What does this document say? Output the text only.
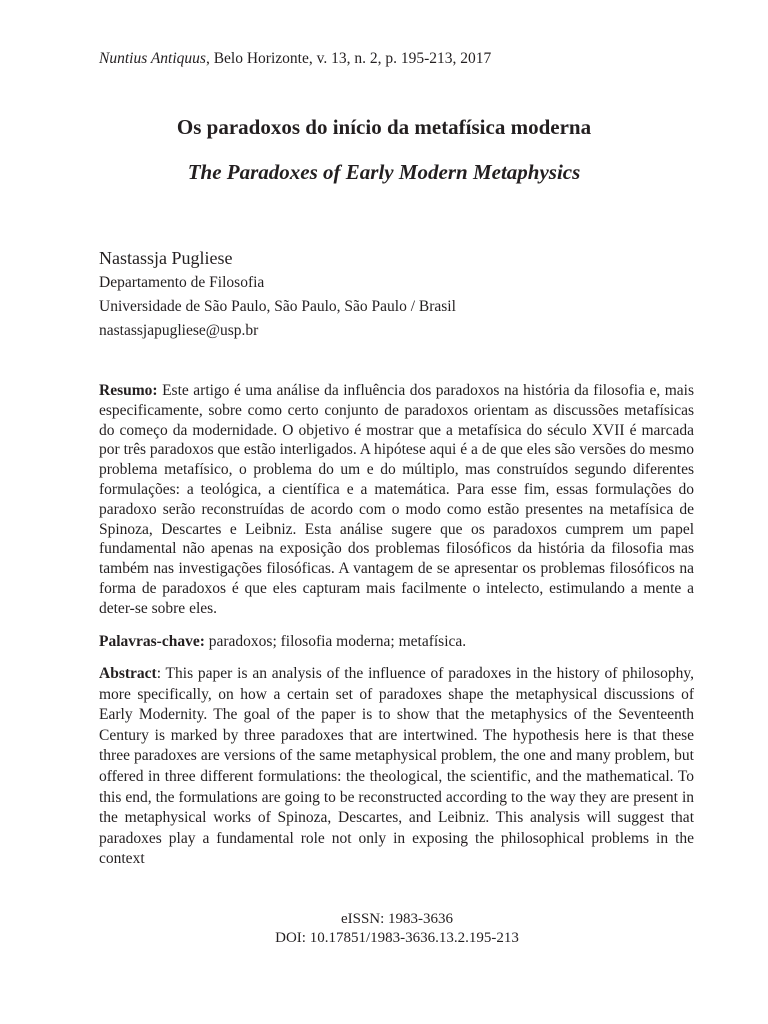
Nuntius Antiquus, Belo Horizonte, v. 13, n. 2, p. 195-213, 2017
Os paradoxos do início da metafísica moderna
The Paradoxes of Early Modern Metaphysics
Nastassja Pugliese
Departamento de Filosofia
Universidade de São Paulo, São Paulo, São Paulo / Brasil
nastassjapugliese@usp.br
Resumo: Este artigo é uma análise da influência dos paradoxos na história da filosofia e, mais especificamente, sobre como certo conjunto de paradoxos orientam as discussões metafísicas do começo da modernidade. O objetivo é mostrar que a metafísica do século XVII é marcada por três paradoxos que estão interligados. A hipótese aqui é a de que eles são versões do mesmo problema metafísico, o problema do um e do múltiplo, mas construídos segundo diferentes formulações: a teológica, a científica e a matemática. Para esse fim, essas formulações do paradoxo serão reconstruídas de acordo com o modo como estão presentes na metafísica de Spinoza, Descartes e Leibniz. Esta análise sugere que os paradoxos cumprem um papel fundamental não apenas na exposição dos problemas filosóficos da história da filosofia mas também nas investigações filosóficas. A vantagem de se apresentar os problemas filosóficos na forma de paradoxos é que eles capturam mais facilmente o intelecto, estimulando a mente a deter-se sobre eles.
Palavras-chave: paradoxos; filosofia moderna; metafísica.
Abstract: This paper is an analysis of the influence of paradoxes in the history of philosophy, more specifically, on how a certain set of paradoxes shape the metaphysical discussions of Early Modernity. The goal of the paper is to show that the metaphysics of the Seventeenth Century is marked by three paradoxes that are intertwined. The hypothesis here is that these three paradoxes are versions of the same metaphysical problem, the one and many problem, but offered in three different formulations: the theological, the scientific, and the mathematical. To this end, the formulations are going to be reconstructed according to the way they are present in the metaphysical works of Spinoza, Descartes, and Leibniz. This analysis will suggest that paradoxes play a fundamental role not only in exposing the philosophical problems in the context
eISSN: 1983-3636
DOI: 10.17851/1983-3636.13.2.195-213
